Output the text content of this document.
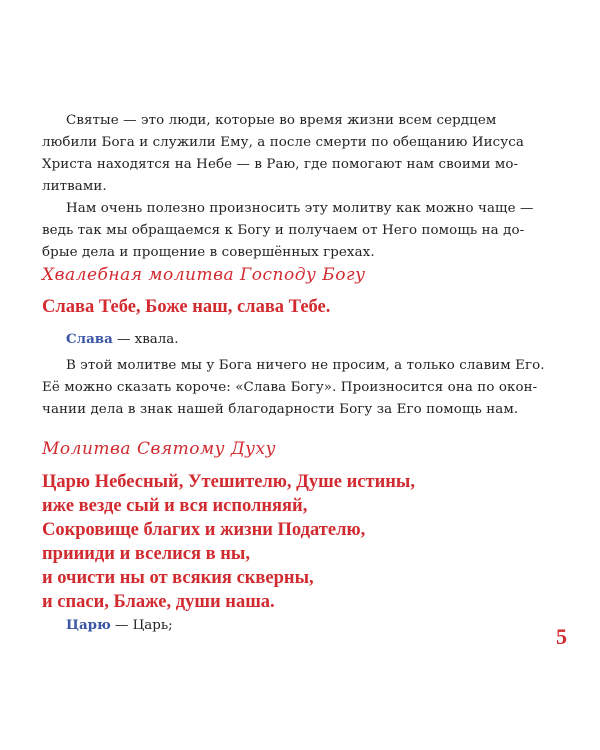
Святые — это люди, которые во время жизни всем сердцем
любили Бога и служили Ему, а после смерти по обещанию Иисуса
Христа находятся на Небе — в Раю, где помогают нам своими мо-
литвами.
Нам очень полезно произносить эту молитву как можно чаще —
ведь так мы обращаемся к Богу и получаем от Него помощь на до-
брые дела и прощение в совершённых грехах.
Хвалебная молитва Господу Богу
Слава Тебе, Боже наш, слава Тебе.
Слава — хвала.
В этой молитве мы у Бога ничего не просим, а только славим Его.
Её можно сказать короче: «Слава Богу». Произносится она по окон-
чании дела в знак нашей благодарности Богу за Его помощь нам.
Молитва Святому Духу
Царю Небесный, Утешителю, Душе истины,
иже везде сый и вся исполняяй,
Сокровище благих и жизни Подателю,
приииди и вселися в ны,
и очисти ны от всякия скверны,
и спаси, Блаже, души наша.
Царю — Царь;	5
